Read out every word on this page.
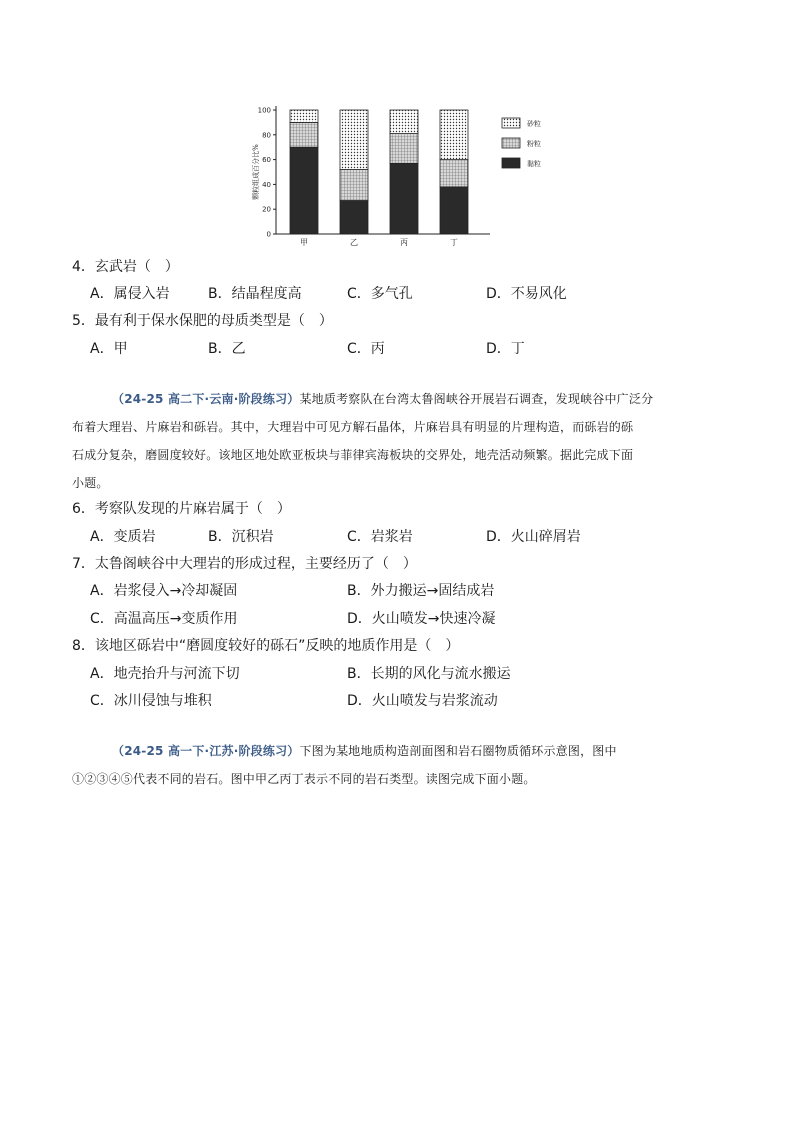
0
20
40
60
80
100
颗粒组成百分比%
甲	乙	丙	丁
砂粒
粉粒
黏粒
4．玄武岩（　）
A．属侵入岩	B．结晶程度高	C．多气孔	D．不易风化
5．最有利于保水保肥的母质类型是（　）
A．甲	B．乙	C．丙	D．丁
（24-25 高二下·云南·阶段练习）某地质考察队在台湾太鲁阁峡谷开展岩石调查，发现峡谷中广泛分
布着大理岩、片麻岩和砾岩。其中，大理岩中可见方解石晶体，片麻岩具有明显的片理构造，而砾岩的砾
石成分复杂，磨圆度较好。该地区地处欧亚板块与菲律宾海板块的交界处，地壳活动频繁。据此完成下面
小题。
6．考察队发现的片麻岩属于（　）
A．变质岩	B．沉积岩	C．岩浆岩	D．火山碎屑岩
7．太鲁阁峡谷中大理岩的形成过程，主要经历了（　）
A．岩浆侵入→冷却凝固	B．外力搬运→固结成岩
C．高温高压→变质作用	D．火山喷发→快速冷凝
8．该地区砾岩中“磨圆度较好的砾石”反映的地质作用是（　）
A．地壳抬升与河流下切	B．长期的风化与流水搬运
C．冰川侵蚀与堆积	D．火山喷发与岩浆流动
（24-25 高一下·江苏·阶段练习）下图为某地地质构造剖面图和岩石圈物质循环示意图，图中
①②③④⑤代表不同的岩石。图中甲乙丙丁表示不同的岩石类型。读图完成下面小题。
